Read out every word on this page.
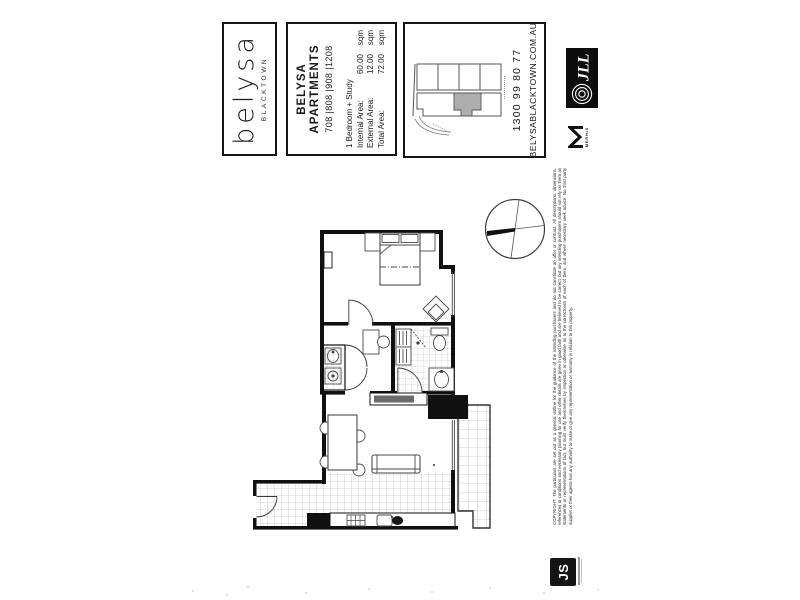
belysa BLACKTOWN BELYSA APARTMENTS 708 |808 |908 |1208 1 Bedroom + Study Internal Area:
60.00
sqm
External Area:
12.00
sqm
Total Area:
72.00
sqm
1300 99 80 77 BELYSABLACKTOWN.COM.AU JLL
MERHIS

COPYRIGHT: The particulars are set out as a general outline for the guidance of the intending purchasers and do not constitute an offer or contract. All descriptions, dimensions, references to conditions and necessary planning for use and other details are given in good faith and are believed to be correct, but any intending purchasers should not rely on them as statements or representations of fact, but must verify themselves by inspection or otherwise as to the correctness of each of them, and where necessary seek advice. No third party supplier or their agents has any authority to make or give any representation or warranty in relation to this property.

JS
